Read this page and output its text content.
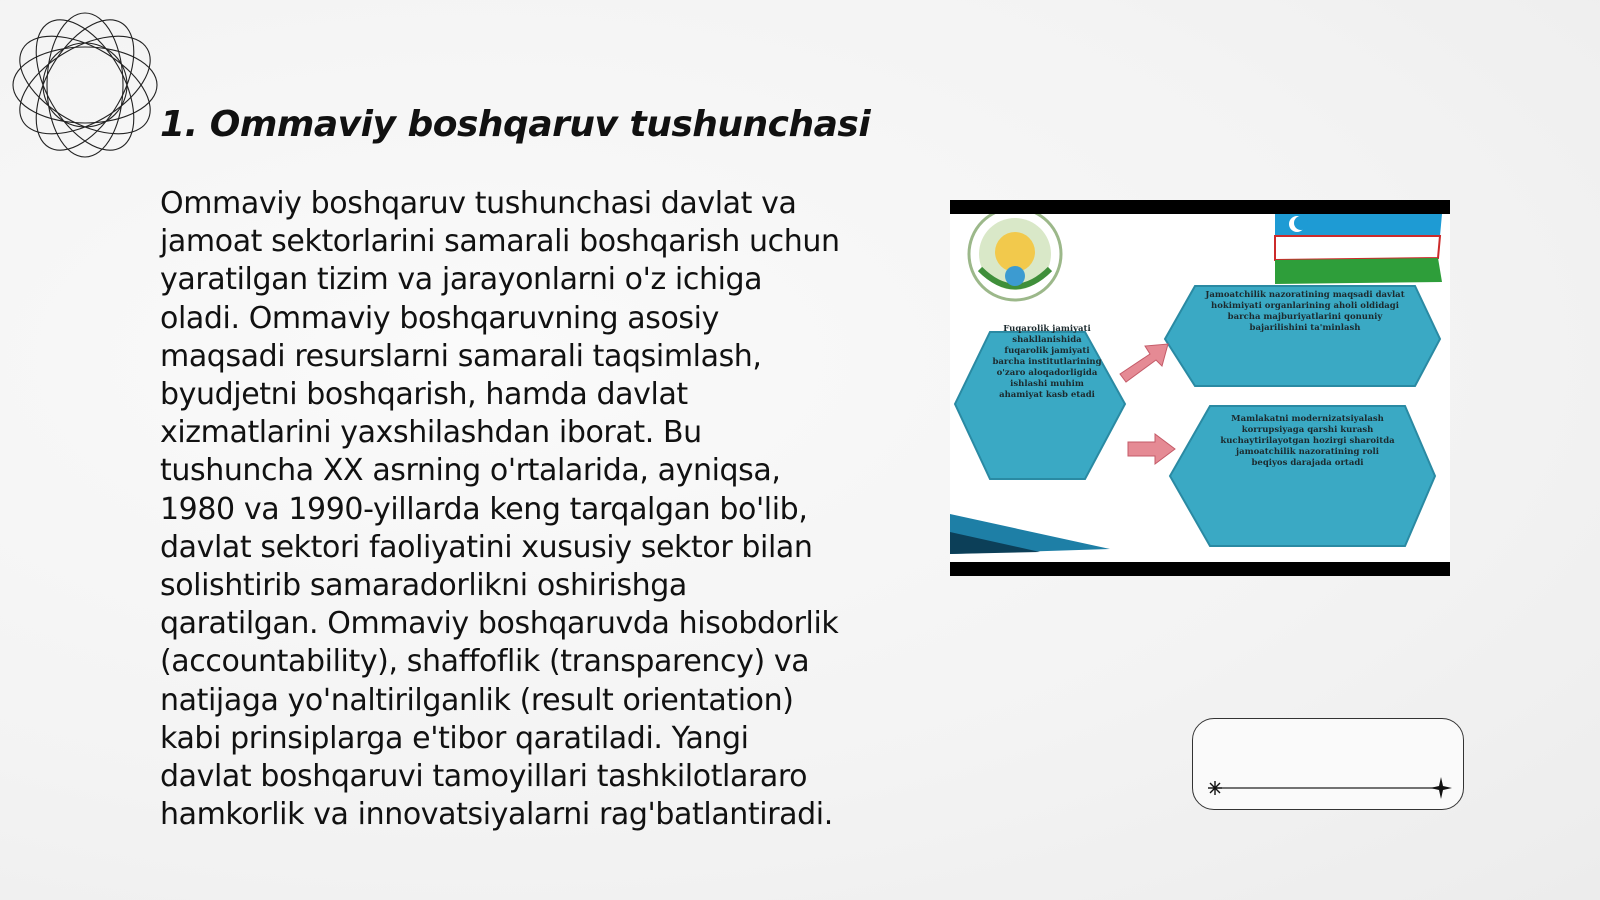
1. Ommaviy boshqaruv tushunchasi
Ommaviy boshqaruv tushunchasi davlat va jamoat sektorlarini samarali boshqarish uchun yaratilgan tizim va jarayonlarni o'z ichiga oladi. Ommaviy boshqaruvning asosiy maqsadi resurslarni samarali taqsimlash, byudjetni boshqarish, hamda davlat xizmatlarini yaxshilashdan iborat. Bu tushuncha XX asrning o'rtalarida, ayniqsa, 1980 va 1990-yillarda keng tarqalgan bo'lib, davlat sektori faoliyatini xususiy sektor bilan solishtirib samaradorlikni oshirishga qaratilgan. Ommaviy boshqaruvda hisobdorlik (accountability), shaffoflik (transparency) va natijaga yo'naltirilganlik (result orientation) kabi prinsiplarga e'tibor qaratiladi. Yangi davlat boshqaruvi tamoyillari tashkilotlararo hamkorlik va innovatsiyalarni rag'batlantiradi.
Fuqarolik jamiyati shakllanishida fuqarolik jamiyati barcha institutlarining o'zaro aloqadorligida ishlashi muhim ahamiyat kasb etadi
Jamoatchilik nazoratining maqsadi davlat hokimiyati organlarining aholi oldidagi barcha majburiyatlarini qonuniy bajarilishini ta'minlash
Mamlakatni modernizatsiyalash korrupsiyaga qarshi kurash kuchaytirilayotgan hozirgi sharoitda jamoatchilik nazoratining roli beqiyos darajada ortadi
